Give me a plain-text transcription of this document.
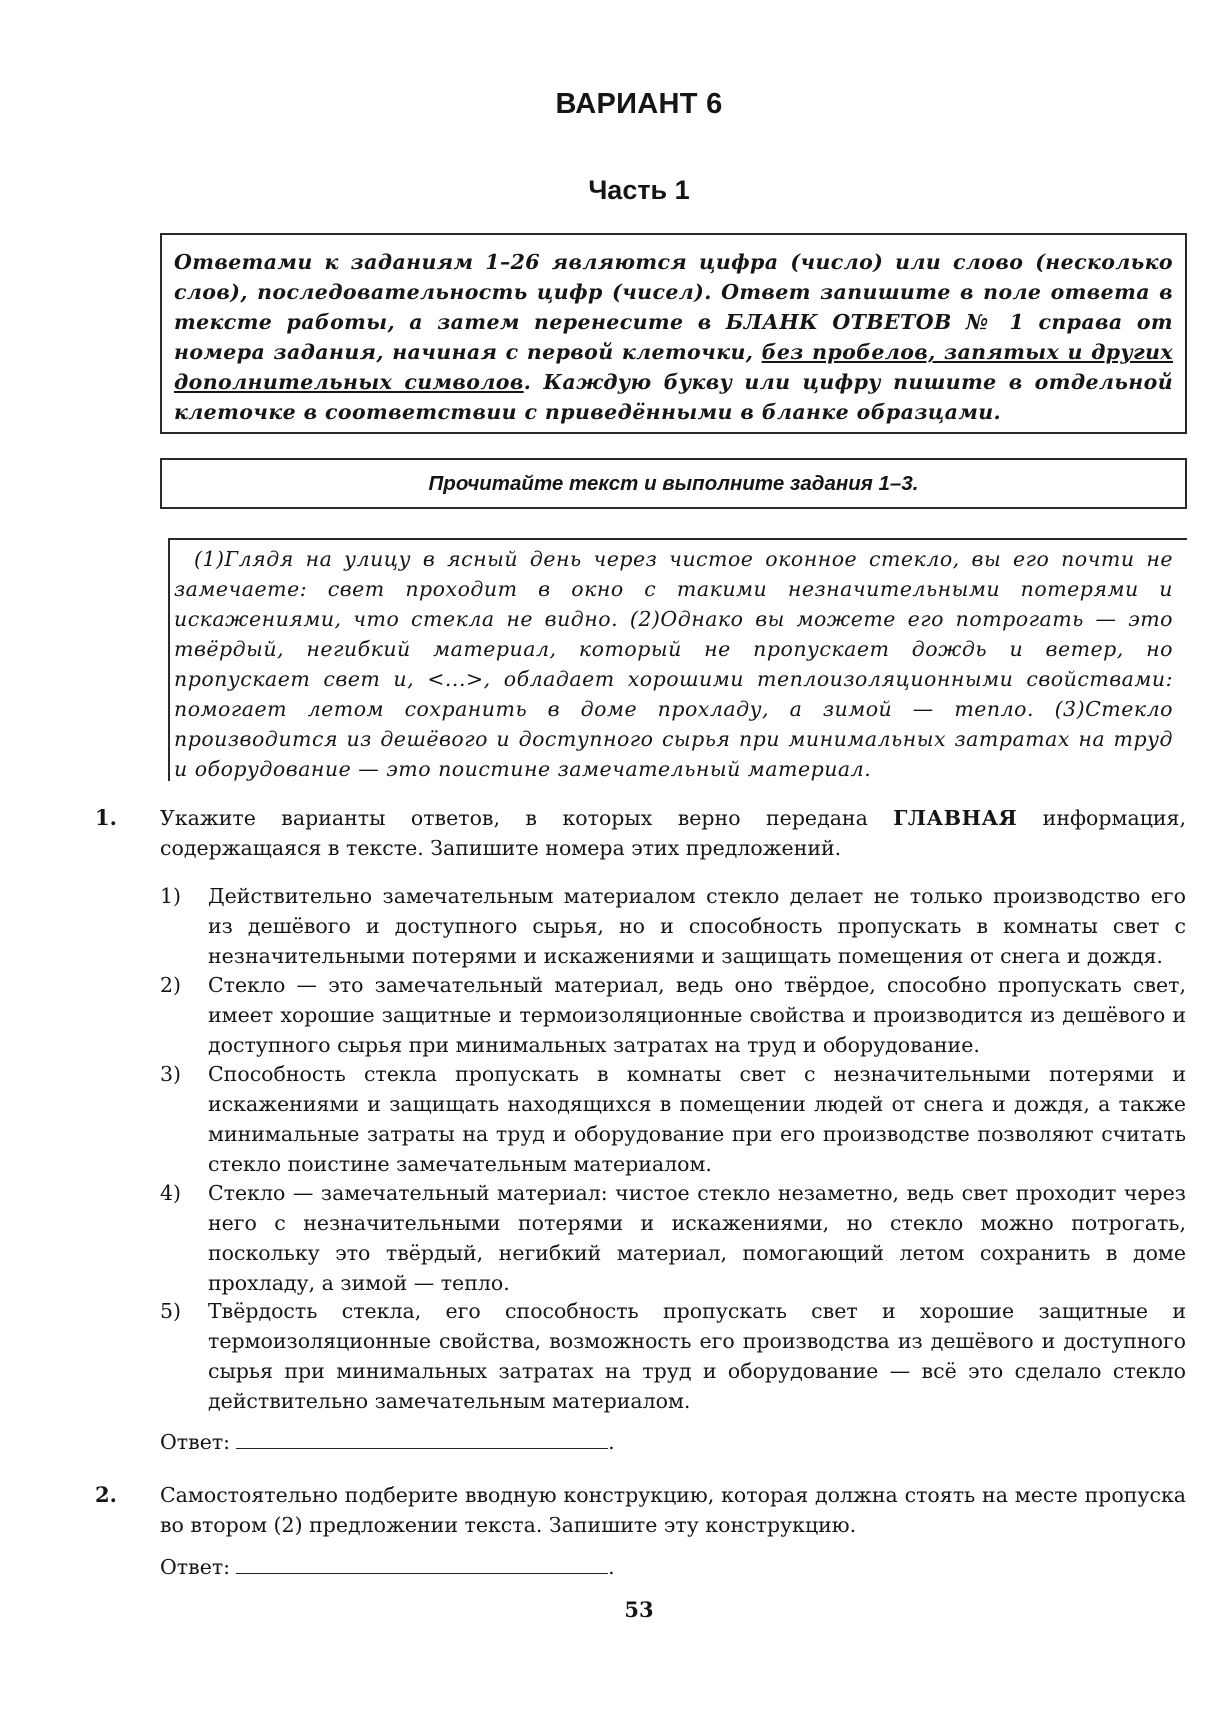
ВАРИАНТ 6
Часть 1
Ответами к заданиям 1–26 являются цифра (число) или слово (несколько слов), последовательность цифр (чисел). Ответ запишите в поле ответа в тексте работы, а затем перенесите в БЛАНК ОТВЕТОВ № 1 справа от номера задания, начиная с первой клеточки, без пробелов, запятых и других дополнительных символов. Каждую букву или цифру пишите в отдельной клеточке в соответствии с приведёнными в бланке образцами.
Прочитайте текст и выполните задания 1–3.

(1)Глядя на улицу в ясный день через чистое оконное стекло, вы его почти не замечаете: свет проходит в окно с такими незначительными потерями и искажениями, что стекла не видно. (2)Однако вы можете его потрогать — это твёрдый, негибкий материал, который не пропускает дождь и ветер, но пропускает свет и, <...>, обладает хорошими теплоизоляционными свойствами: помогает летом сохранить в доме прохладу, а зимой — тепло. (3)Стекло производится из дешёвого и доступного сырья при минимальных затратах на труд и оборудование — это поистине замечательный материал.

1. Укажите варианты ответов, в которых верно передана ГЛАВНАЯ информация, содержащаяся в тексте. Запишите номера этих предложений.
1) Действительно замечательным материалом стекло делает не только производство его из дешёвого и доступного сырья, но и способность пропускать в комнаты свет с незначительными потерями и искажениями и защищать помещения от снега и дождя.
2) Стекло — это замечательный материал, ведь оно твёрдое, способно пропускать свет, имеет хорошие защитные и термоизоляционные свойства и производится из дешёвого и доступного сырья при минимальных затратах на труд и оборудование.
3) Способность стекла пропускать в комнаты свет с незначительными потерями и искажениями и защищать находящихся в помещении людей от снега и дождя, а также минимальные затраты на труд и оборудование при его производстве позволяют считать стекло поистине замечательным материалом.
4) Стекло — замечательный материал: чистое стекло незаметно, ведь свет проходит через него с незначительными потерями и искажениями, но стекло можно потрогать, поскольку это твёрдый, негибкий материал, помогающий летом сохранить в доме прохладу, а зимой — тепло.
5) Твёрдость стекла, его способность пропускать свет и хорошие защитные и термоизоляционные свойства, возможность его производства из дешёвого и доступного сырья при минимальных затратах на труд и оборудование — всё это сделало стекло действительно замечательным материалом.
Ответ:	.
2. Самостоятельно подберите вводную конструкцию, которая должна стоять на месте пропуска во втором (2) предложении текста. Запишите эту конструкцию.
Ответ:	.
53
